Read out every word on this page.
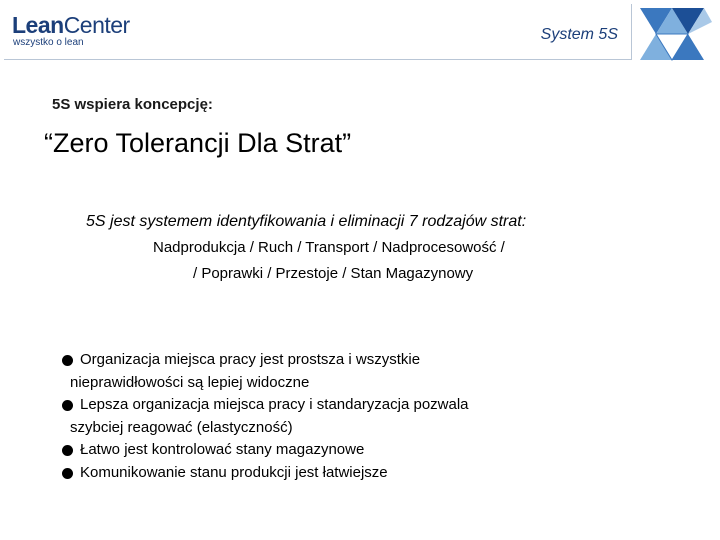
LeanCenter
wszystko o lean	System 5S
5S wspiera koncepcję:
“Zero Tolerancji Dla Strat”
5S jest systemem identyfikowania i eliminacji 7 rodzajów strat:
Nadprodukcja / Ruch / Transport / Nadprocesowość /
/ Poprawki / Przestoje / Stan Magazynowy
Organizacja miejsca pracy jest prostsza i wszystkie
nieprawidłowości są lepiej widoczne
Lepsza organizacja miejsca pracy i standaryzacja pozwala
szybciej reagować (elastyczność)
Łatwo jest kontrolować stany magazynowe
Komunikowanie stanu produkcji jest łatwiejsze
